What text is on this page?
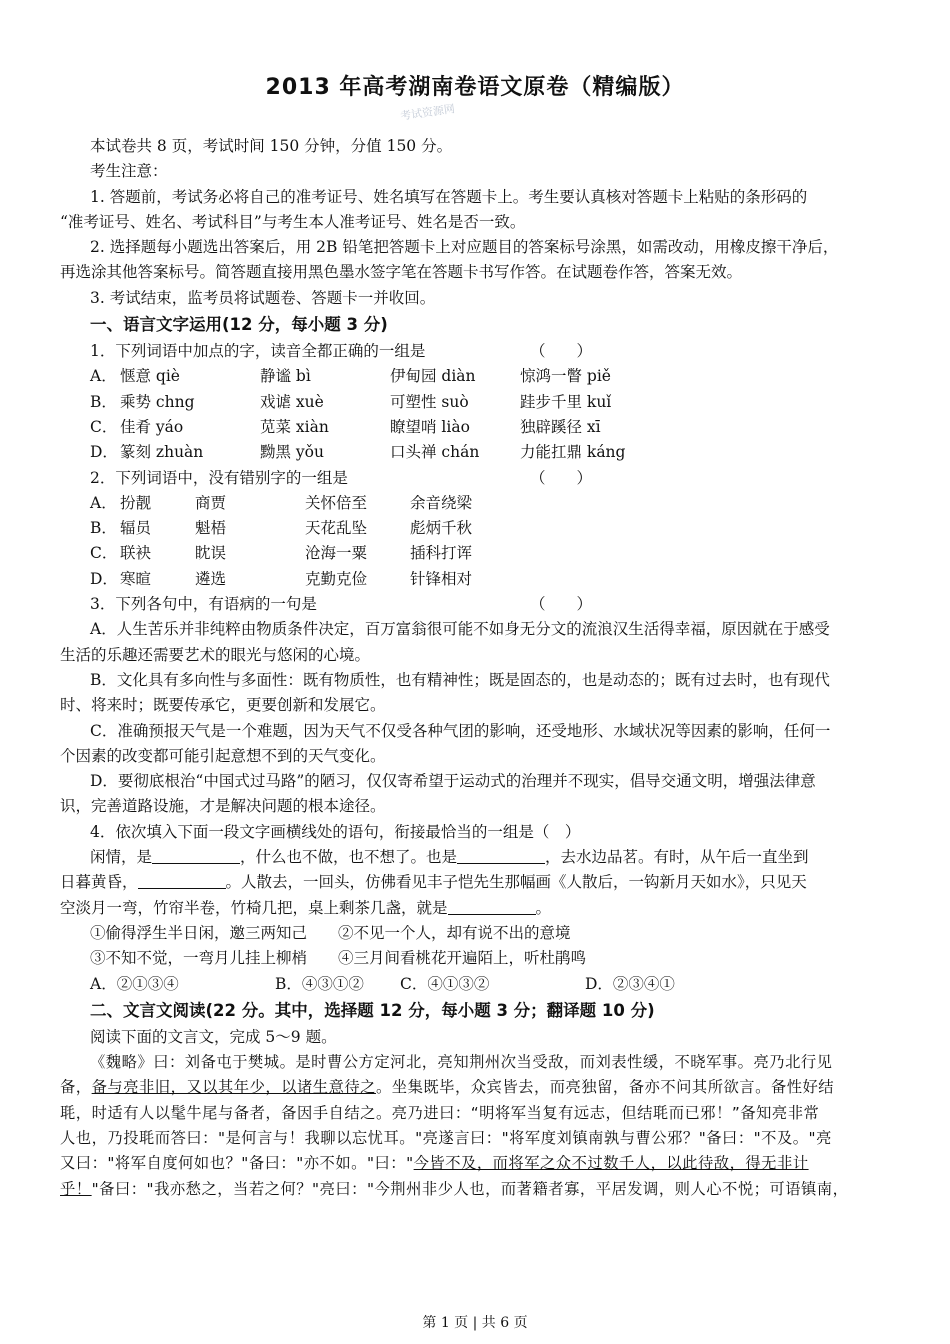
2013 年高考湖南卷语文原卷（精编版）
考试资源网
本试卷共 8 页，考试时间 150 分钟，分值 150 分。
考生注意：
1. 答题前，考试务必将自己的准考证号、姓名填写在答题卡上。考生要认真核对答题卡上粘贴的条形码的
“准考证号、姓名、考试科目”与考生本人准考证号、姓名是否一致。
2. 选择题每小题选出答案后，用 2B 铅笔把答题卡上对应题目的答案标号涂黑，如需改动，用橡皮擦干净后，
再选涂其他答案标号。简答题直接用黑色墨水签字笔在答题卡书写作答。在试题卷作答，答案无效。
3. 考试结束，监考员将试题卷、答题卡一并收回。
一、语言文字运用(12 分，每小题 3 分)
1．下列词语中加点的字，读音全都正确的一组是	（　　）
A． 惬意 qiè	静谧 bì	伊甸园 diàn	惊鸿一瞥 piě
B． 乘势 chng	戏谑 xuè	可塑性 suò	跬步千里 kuǐ
C． 佳肴 yáo	苋菜 xiàn	瞭望哨 liào	独辟蹊径 xī
D． 篆刻 zhuàn	黝黑 yǒu	口头禅 chán	力能扛鼎 káng
2．下列词语中，没有错别字的一组是	（　　）
A． 扮靓	商贾	关怀倍至	余音绕梁
B． 辐员	魁梧	天花乱坠	彪炳千秋
C． 联袂	眈误	沧海一粟	插科打诨
D． 寒暄	遴选	克勤克俭	针锋相对
3．下列各句中，有语病的一句是	（　　）
A．人生苦乐并非纯粹由物质条件决定，百万富翁很可能不如身无分文的流浪汉生活得幸福，原因就在于感受
生活的乐趣还需要艺术的眼光与悠闲的心境。
B．文化具有多向性与多面性：既有物质性，也有精神性；既是固态的，也是动态的；既有过去时，也有现代
时、将来时；既要传承它，更要创新和发展它。
C．准确预报天气是一个难题，因为天气不仅受各种气团的影响，还受地形、水域状况等因素的影响，任何一
个因素的改变都可能引起意想不到的天气变化。
D．要彻底根治“中国式过马路”的陋习，仅仅寄希望于运动式的治理并不现实，倡导交通文明，增强法律意
识，完善道路设施，才是解决问题的根本途径。
4．依次填入下面一段文字画横线处的语句，衔接最恰当的一组是（　）
闲情，是	，什么也不做，也不想了。也是	，去水边品茗。有时，从午后一直坐到
日暮黄昏，	。人散去，一回头，仿佛看见丰子恺先生那幅画《人散后，一钩新月天如水》，只见天
空淡月一弯，竹帘半卷，竹椅几把，桌上剩茶几盏，就是	。
①偷得浮生半日闲，邀三两知己　　②不见一个人，却有说不出的意境
③不知不觉，一弯月儿挂上柳梢　　④三月间看桃花开遍陌上，听杜鹃鸣
A．②①③④	B．④③①② C．④①③②	D．②③④①
二、文言文阅读(22 分。其中，选择题 12 分，每小题 3 分；翻译题 10 分)
阅读下面的文言文，完成 5～9 题。
《魏略》曰：刘备屯于樊城。是时曹公方定河北，亮知荆州次当受敌，而刘表性缓，不晓军事。亮乃北行见
备，备与亮非旧，又以其年少，以诸生意待之。坐集既毕，众宾皆去，而亮独留，备亦不问其所欲言。备性好结
毦，时适有人以髦牛尾与备者，备因手自结之。亮乃进曰：“明将军当复有远志，但结毦而已邪！”备知亮非常
人也，乃投毦而答曰："是何言与！我聊以忘忧耳。"亮遂言曰："将军度刘镇南孰与曹公邪？"备曰："不及。"亮
又曰："将军自度何如也？"备曰："亦不如。"曰："今皆不及，而将军之众不过数千人，以此待敌，得无非计
乎！"备曰："我亦愁之，当若之何？"亮曰："今荆州非少人也，而著籍者寡，平居发调，则人心不悦；可语镇南，
第 1 页 | 共 6 页
